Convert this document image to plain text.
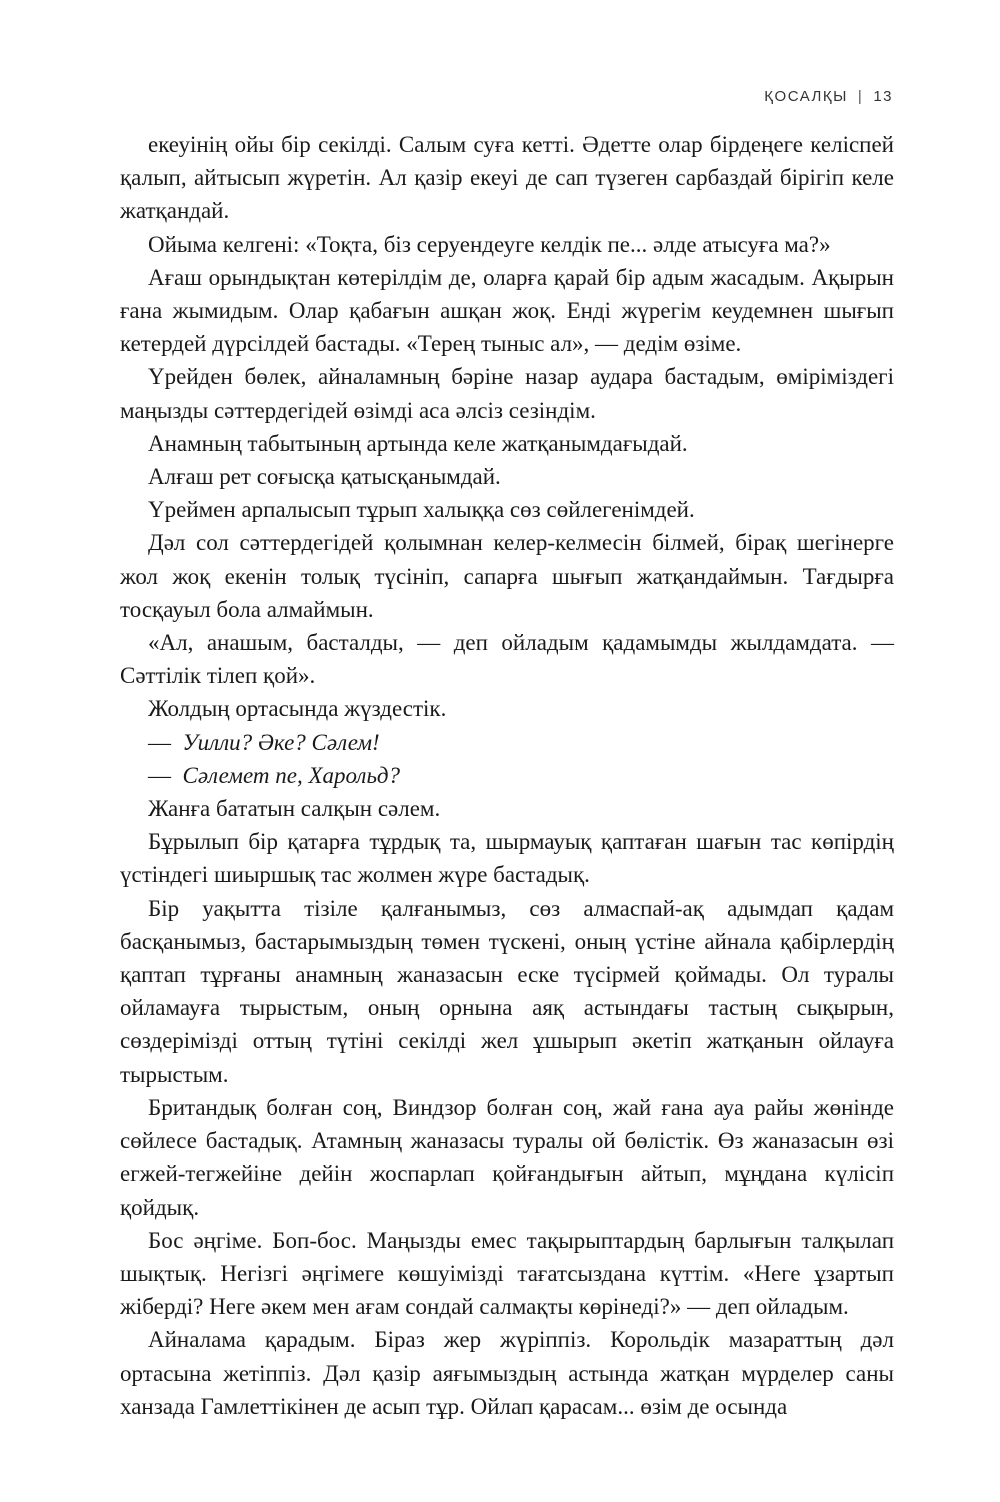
ҚОСАЛҚЫ | 13

екеуінің ойы бір секілді. Салым суға кетті. Әдетте олар бірдеңеге келіспей қалып, айтысып жүретін. Ал қазір екеуі де сап түзеген сарбаздай бірігіп келе жатқандай.

Ойыма келгені: «Тоқта, біз серуендеуге келдік пе... әлде атысуға ма?»

Ағаш орындықтан көтерілдім де, оларға қарай бір адым жасадым. Ақырын ғана жымидым. Олар қабағын ашқан жоқ. Енді жүрегім кеудемнен шығып кетердей дүрсілдей бастады. «Терең тыныс ал», — дедім өзіме.

Үрейден бөлек, айналамның бәріне назар аудара бастадым, өміріміздегі маңызды сәттердегідей өзімді аса әлсіз сезіндім.

Анамның табытының артында келе жатқанымдағыдай.

Алғаш рет соғысқа қатысқанымдай.

Үреймен арпалысып тұрып халыққа сөз сөйлегенімдей.

Дәл сол сәттердегідей қолымнан келер-келмесін білмей, бірақ шегінерге жол жоқ екенін толық түсініп, сапарға шығып жатқандаймын. Тағдырға тосқауыл бола алмаймын.

«Ал, анашым, басталды, — деп ойладым қадамымды жылдамдата. — Сәттілік тілеп қой».

Жолдың ортасында жүздестік.

— Уилли? Әке? Сәлем!

— Сәлемет пе, Харольд?

Жанға бататын салқын сәлем.

Бұрылып бір қатарға тұрдық та, шырмауық қаптаған шағын тас көпірдің үстіндегі шиыршық тас жолмен жүре бастадық.

Бір уақытта тізіле қалғанымыз, сөз алмаспай-ақ адымдап қадам басқанымыз, бастарымыздың төмен түскені, оның үстіне айнала қабірлердің қаптап тұрғаны анамның жаназасын еске түсірмей қоймады. Ол туралы ойламауға тырыстым, оның орнына аяқ астындағы тастың сықырын, сөздерімізді оттың түтіні секілді жел ұшырып әкетіп жатқанын ойлауға тырыстым.

Британдық болған соң, Виндзор болған соң, жай ғана ауа райы жөнінде сөйлесе бастадық. Атамның жаназасы туралы ой бөлістік. Өз жаназасын өзі егжей-тегжейіне дейін жоспарлап қойғандығын айтып, мұңдана күлісіп қойдық.

Бос әңгіме. Боп-бос. Маңызды емес тақырыптардың барлығын талқылап шықтық. Негізгі әңгімеге көшуімізді тағатсыздана күттім. «Неге ұзартып жіберді? Неге әкем мен ағам сондай салмақты көрінеді?» — деп ойладым.

Айналама қарадым. Біраз жер жүріппіз. Корольдік мазараттың дәл ортасына жетіппіз. Дәл қазір аяғымыздың астында жатқан мүрделер саны ханзада Гамлеттікінен де асып тұр. Ойлап қарасам... өзім де осында
